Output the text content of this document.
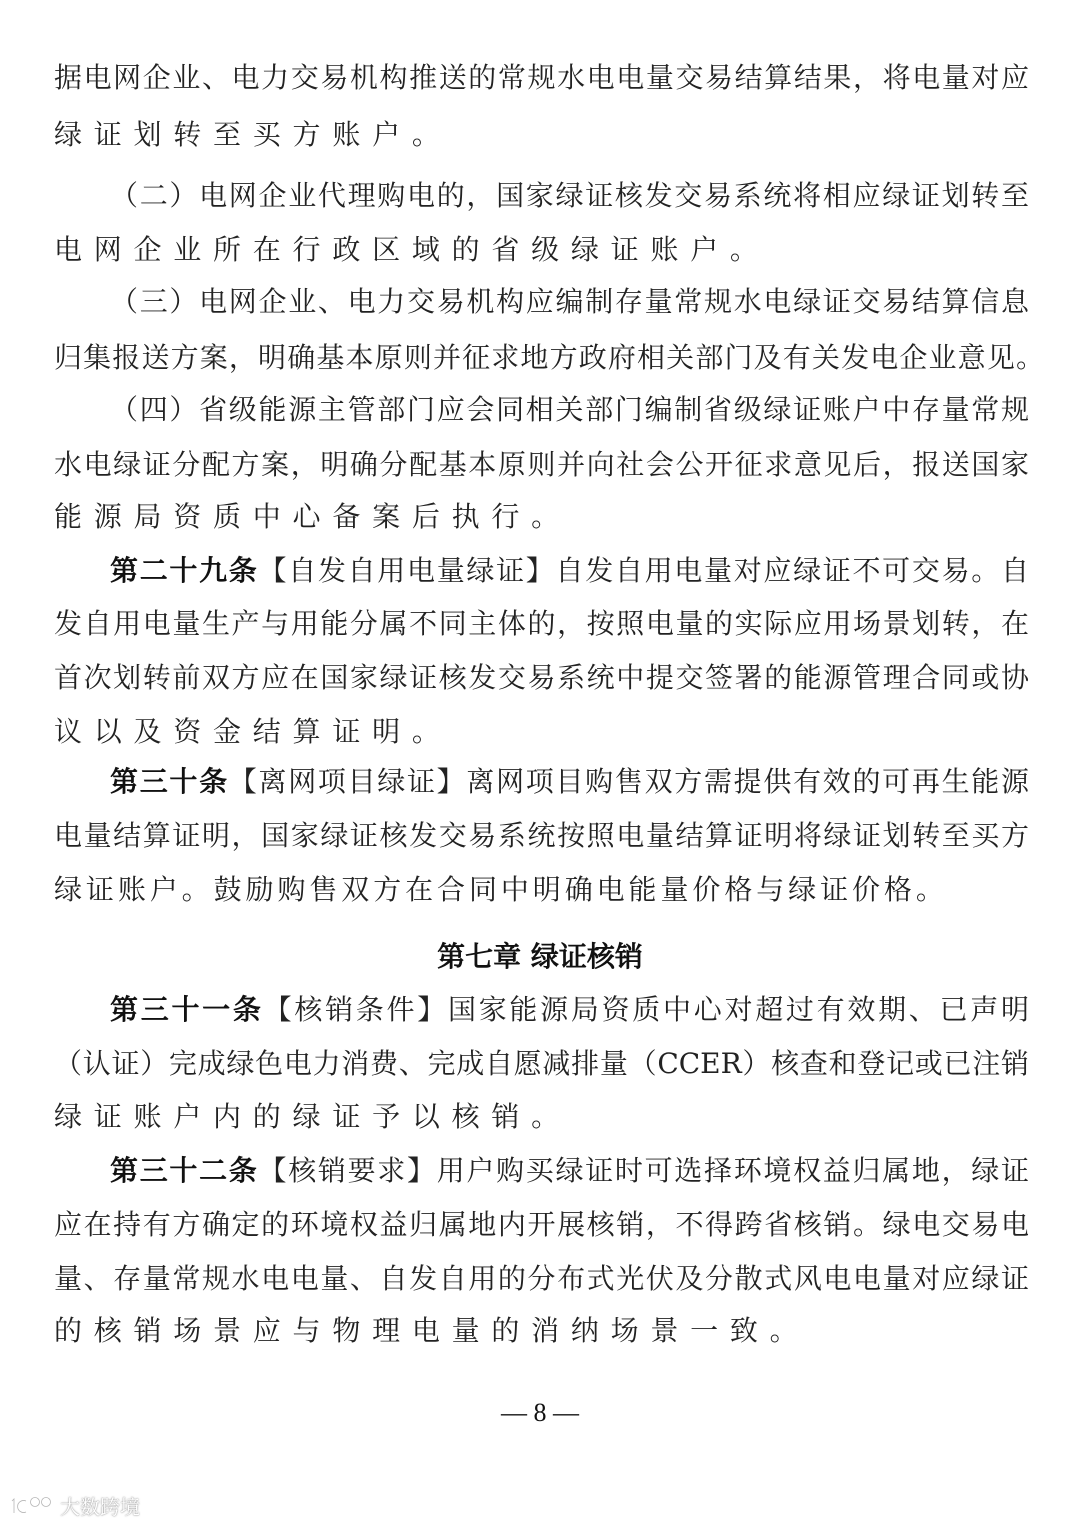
据电网企业、电力交易机构推送的常规水电电量交易结算结果，将电量对应
绿证划转至买方账户。
（二）电网企业代理购电的，国家绿证核发交易系统将相应绿证划转至
电网企业所在行政区域的省级绿证账户。
（三）电网企业、电力交易机构应编制存量常规水电绿证交易结算信息
归集报送方案，明确基本原则并征求地方政府相关部门及有关发电企业意见。
（四）省级能源主管部门应会同相关部门编制省级绿证账户中存量常规
水电绿证分配方案，明确分配基本原则并向社会公开征求意见后，报送国家
能源局资质中心备案后执行。
第二十九条【自发自用电量绿证】自发自用电量对应绿证不可交易。自
发自用电量生产与用能分属不同主体的，按照电量的实际应用场景划转，在
首次划转前双方应在国家绿证核发交易系统中提交签署的能源管理合同或协
议以及资金结算证明。
第三十条【离网项目绿证】离网项目购售双方需提供有效的可再生能源
电量结算证明，国家绿证核发交易系统按照电量结算证明将绿证划转至买方
绿证账户。鼓励购售双方在合同中明确电能量价格与绿证价格。
第七章 绿证核销
第三十一条【核销条件】国家能源局资质中心对超过有效期、已声明
（认证）完成绿色电力消费、完成自愿减排量（CCER）核查和登记或已注销
绿证账户内的绿证予以核销。
第三十二条【核销要求】用户购买绿证时可选择环境权益归属地，绿证
应在持有方确定的环境权益归属地内开展核销，不得跨省核销。绿电交易电
量、存量常规水电电量、自发自用的分布式光伏及分散式风电电量对应绿证
的核销场景应与物理电量的消纳场景一致。
— 8 —
大数跨境
